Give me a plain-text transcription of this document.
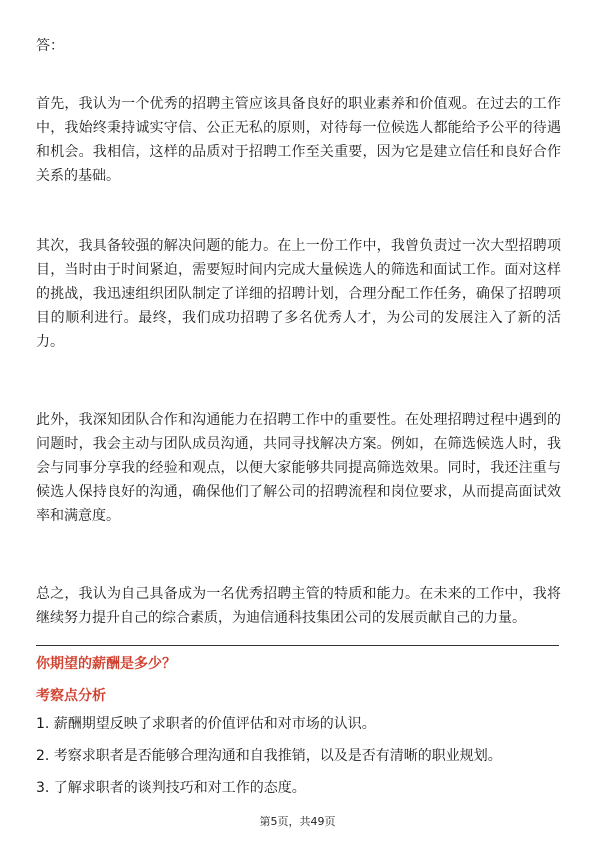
答：

首先，我认为一个优秀的招聘主管应该具备良好的职业素养和价值观。在过去的工作中，我始终秉持诚实守信、公正无私的原则，对待每一位候选人都能给予公平的待遇和机会。我相信，这样的品质对于招聘工作至关重要，因为它是建立信任和良好合作关系的基础。

其次，我具备较强的解决问题的能力。在上一份工作中，我曾负责过一次大型招聘项目，当时由于时间紧迫，需要短时间内完成大量候选人的筛选和面试工作。面对这样的挑战，我迅速组织团队制定了详细的招聘计划，合理分配工作任务，确保了招聘项目的顺利进行。最终，我们成功招聘了多名优秀人才，为公司的发展注入了新的活力。

此外，我深知团队合作和沟通能力在招聘工作中的重要性。在处理招聘过程中遇到的问题时，我会主动与团队成员沟通，共同寻找解决方案。例如，在筛选候选人时，我会与同事分享我的经验和观点，以便大家能够共同提高筛选效果。同时，我还注重与候选人保持良好的沟通，确保他们了解公司的招聘流程和岗位要求，从而提高面试效率和满意度。

总之，我认为自己具备成为一名优秀招聘主管的特质和能力。在未来的工作中，我将继续努力提升自己的综合素质，为迪信通科技集团公司的发展贡献自己的力量。

你期望的薪酬是多少？
考察点分析
1. 薪酬期望反映了求职者的价值评估和对市场的认识。
2. 考察求职者是否能够合理沟通和自我推销，以及是否有清晰的职业规划。
3. 了解求职者的谈判技巧和对工作的态度。
第5页，共49页
